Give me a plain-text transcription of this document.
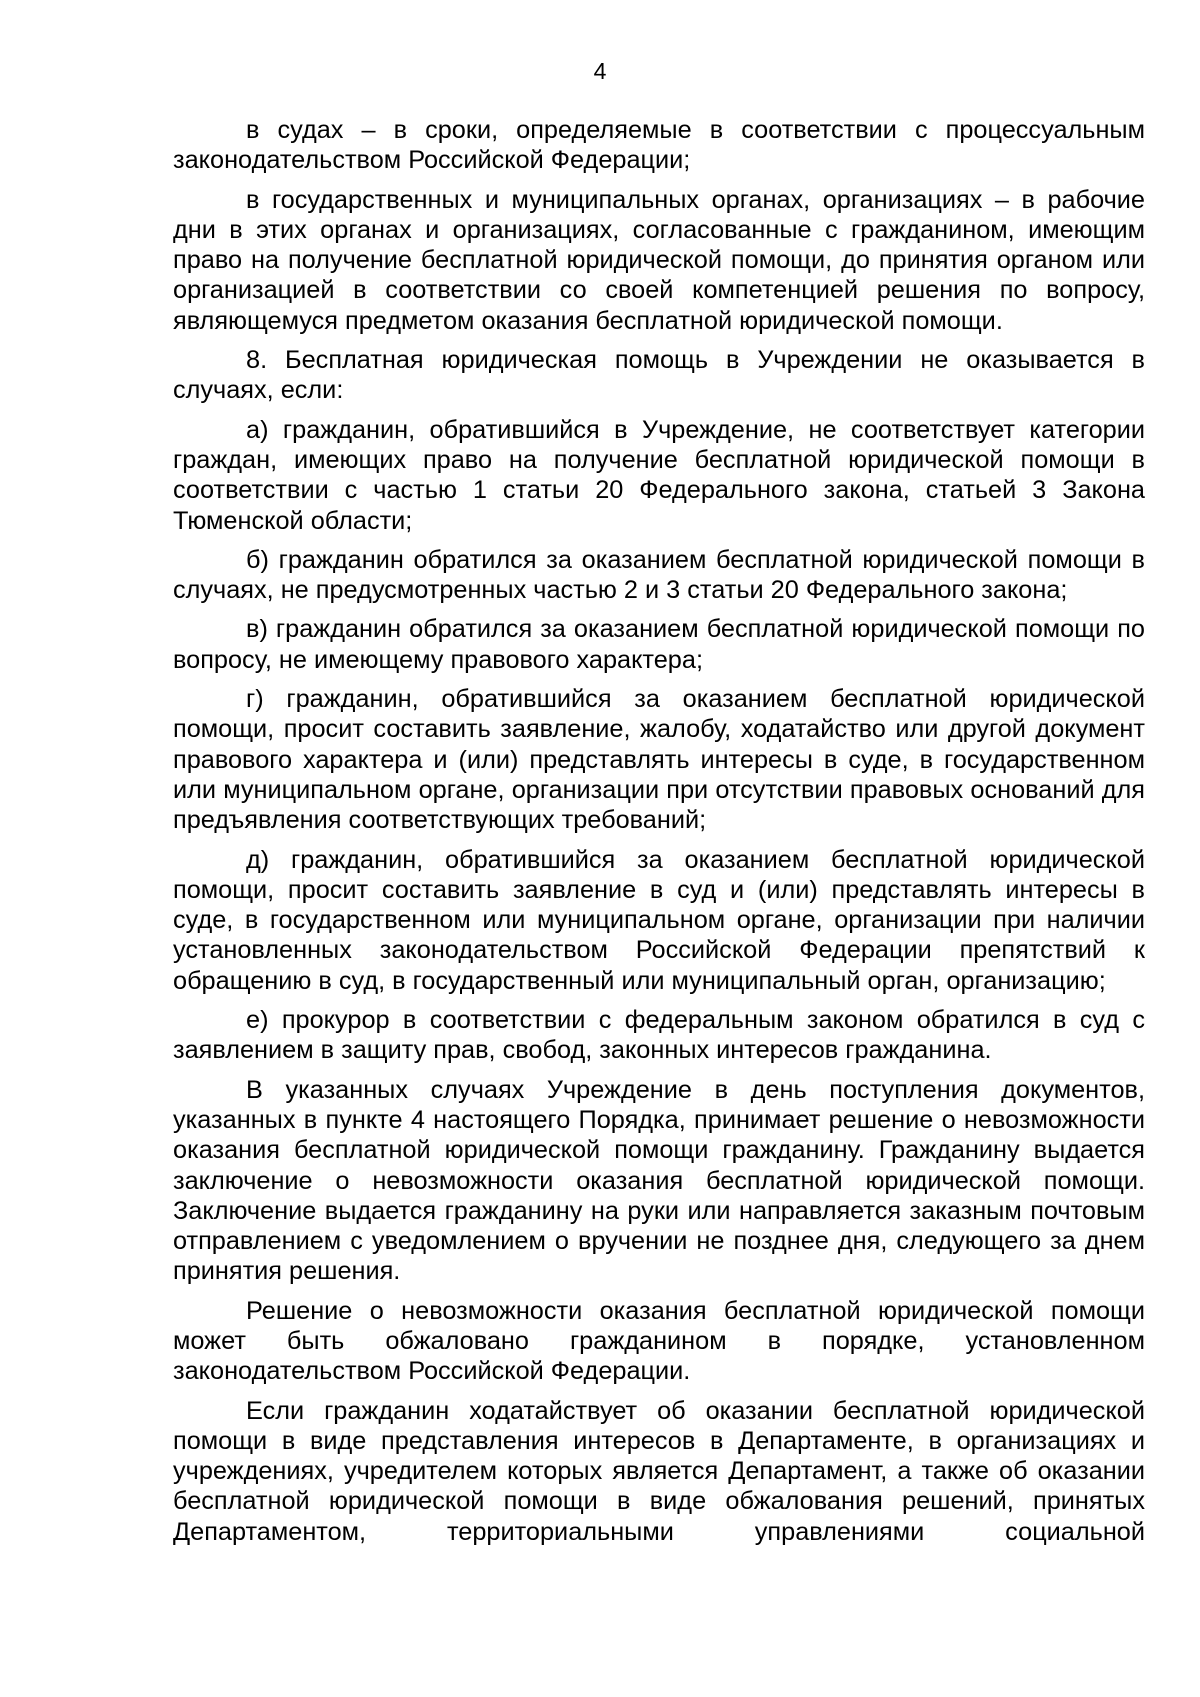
4

в судах – в сроки, определяемые в соответствии с процессуальным законодательством Российской Федерации;

в государственных и муниципальных органах, организациях – в рабочие дни в этих органах и организациях, согласованные с гражданином, имеющим право на получение бесплатной юридической помощи, до принятия органом или организацией в соответствии со своей компетенцией решения по вопросу, являющемуся предметом оказания бесплатной юридической помощи.

8. Бесплатная юридическая помощь в Учреждении не оказывается в случаях, если:

а) гражданин, обратившийся в Учреждение, не соответствует категории граждан, имеющих право на получение бесплатной юридической помощи в соответствии с частью 1 статьи 20 Федерального закона, статьей 3 Закона Тюменской области;

б) гражданин обратился за оказанием бесплатной юридической помощи в случаях, не предусмотренных частью 2 и 3 статьи 20 Федерального закона;

в) гражданин обратился за оказанием бесплатной юридической помощи по вопросу, не имеющему правового характера;

г) гражданин, обратившийся за оказанием бесплатной юридической помощи, просит составить заявление, жалобу, ходатайство или другой документ правового характера и (или) представлять интересы в суде, в государственном или муниципальном органе, организации при отсутствии правовых оснований для предъявления соответствующих требований;

д) гражданин, обратившийся за оказанием бесплатной юридической помощи, просит составить заявление в суд и (или) представлять интересы в суде, в государственном или муниципальном органе, организации при наличии установленных законодательством Российской Федерации препятствий к обращению в суд, в государственный или муниципальный орган, организацию;

е) прокурор в соответствии с федеральным законом обратился в суд с заявлением в защиту прав, свобод, законных интересов гражданина.

В указанных случаях Учреждение в день поступления документов, указанных в пункте 4 настоящего Порядка, принимает решение о невозможности оказания бесплатной юридической помощи гражданину. Гражданину выдается заключение о невозможности оказания бесплатной юридической помощи. Заключение выдается гражданину на руки или направляется заказным почтовым отправлением с уведомлением о вручении не позднее дня, следующего за днем принятия решения.

Решение о невозможности оказания бесплатной юридической помощи может быть обжаловано гражданином в порядке, установленном законодательством Российской Федерации.

Если гражданин ходатайствует об оказании бесплатной юридической помощи в виде представления интересов в Департаменте, в организациях и учреждениях, учредителем которых является Департамент, а также об оказании бесплатной юридической помощи в виде обжалования решений, принятых Департаментом, территориальными управлениями социальной
